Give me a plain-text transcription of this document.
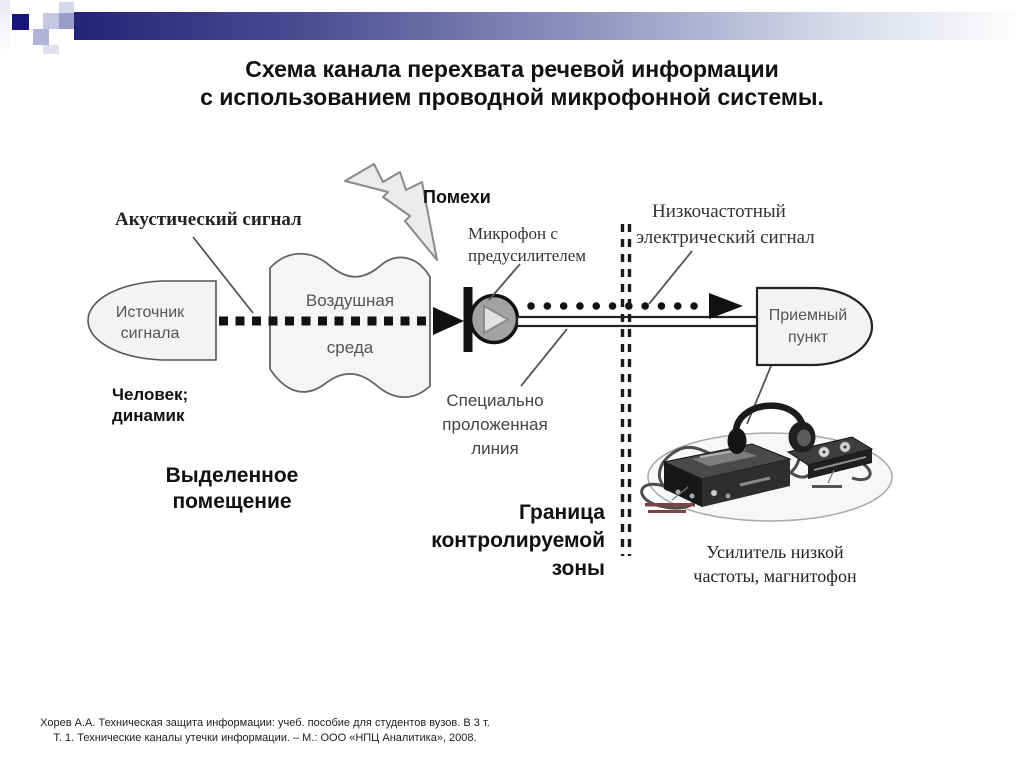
Схема канала перехвата речевой информации
с использованием проводной микрофонной системы.
Акустический сигнал
Помехи
Микрофон с
предусилителем
Низкочастотный
электрический сигнал
Источник
сигнала
Воздушная
среда
Приемный
пункт
Человек;
динамик
Выделенное
помещение
Специально
проложенная
линия
Граница
контролируемой
зоны
Усилитель низкой
частоты, магнитофон
Хорев А.А. Техническая защита информации: учеб. пособие для студентов вузов. В 3 т.
Т. 1. Технические каналы утечки информации. – М.: ООО «НПЦ Аналитика», 2008.
